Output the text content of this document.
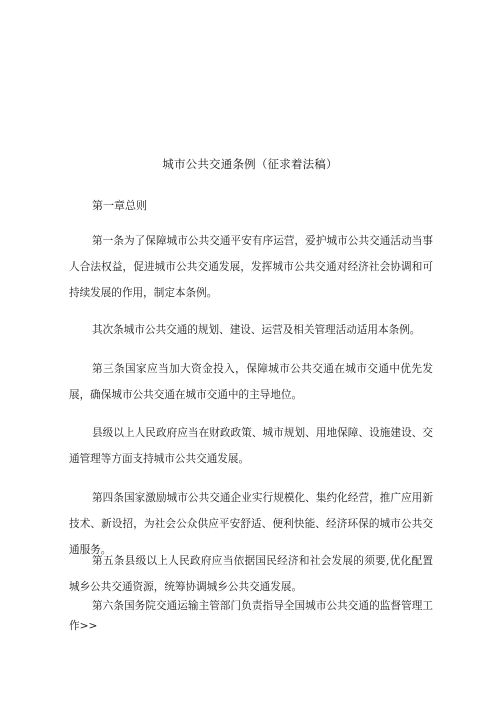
城市公共交通条例（征求着法稿）
第一章总则

第一条为了保障城市公共交通平安有序运营，爱护城市公共交通活动当事人合法权益，促进城市公共交通发展，发挥城市公共交通对经济社会协调和可持续发展的作用，制定本条例。

其次条城市公共交通的规划、建设、运营及相关管理活动适用本条例。

第三条国家应当加大资金投入，保障城市公共交通在城市交通中优先发展，确保城市公共交通在城市交通中的主导地位。

县级以上人民政府应当在财政政策、城市规划、用地保障、设施建设、交通管理等方面支持城市公共交通发展。

第四条国家激励城市公共交通企业实行规模化、集约化经营，推广应用新技术、新设招，为社会公众供应平安舒适、便利快能、经济环保的城市公共交通服务。

第五条县级以上人民政府应当依据国民经济和社会发展的须要,优化配置城乡公共交通资源，统筹协调城乡公共交通发展。

第六条国务院交通运输主管部门负责指导全国城市公共交通的监督管理工作>>
